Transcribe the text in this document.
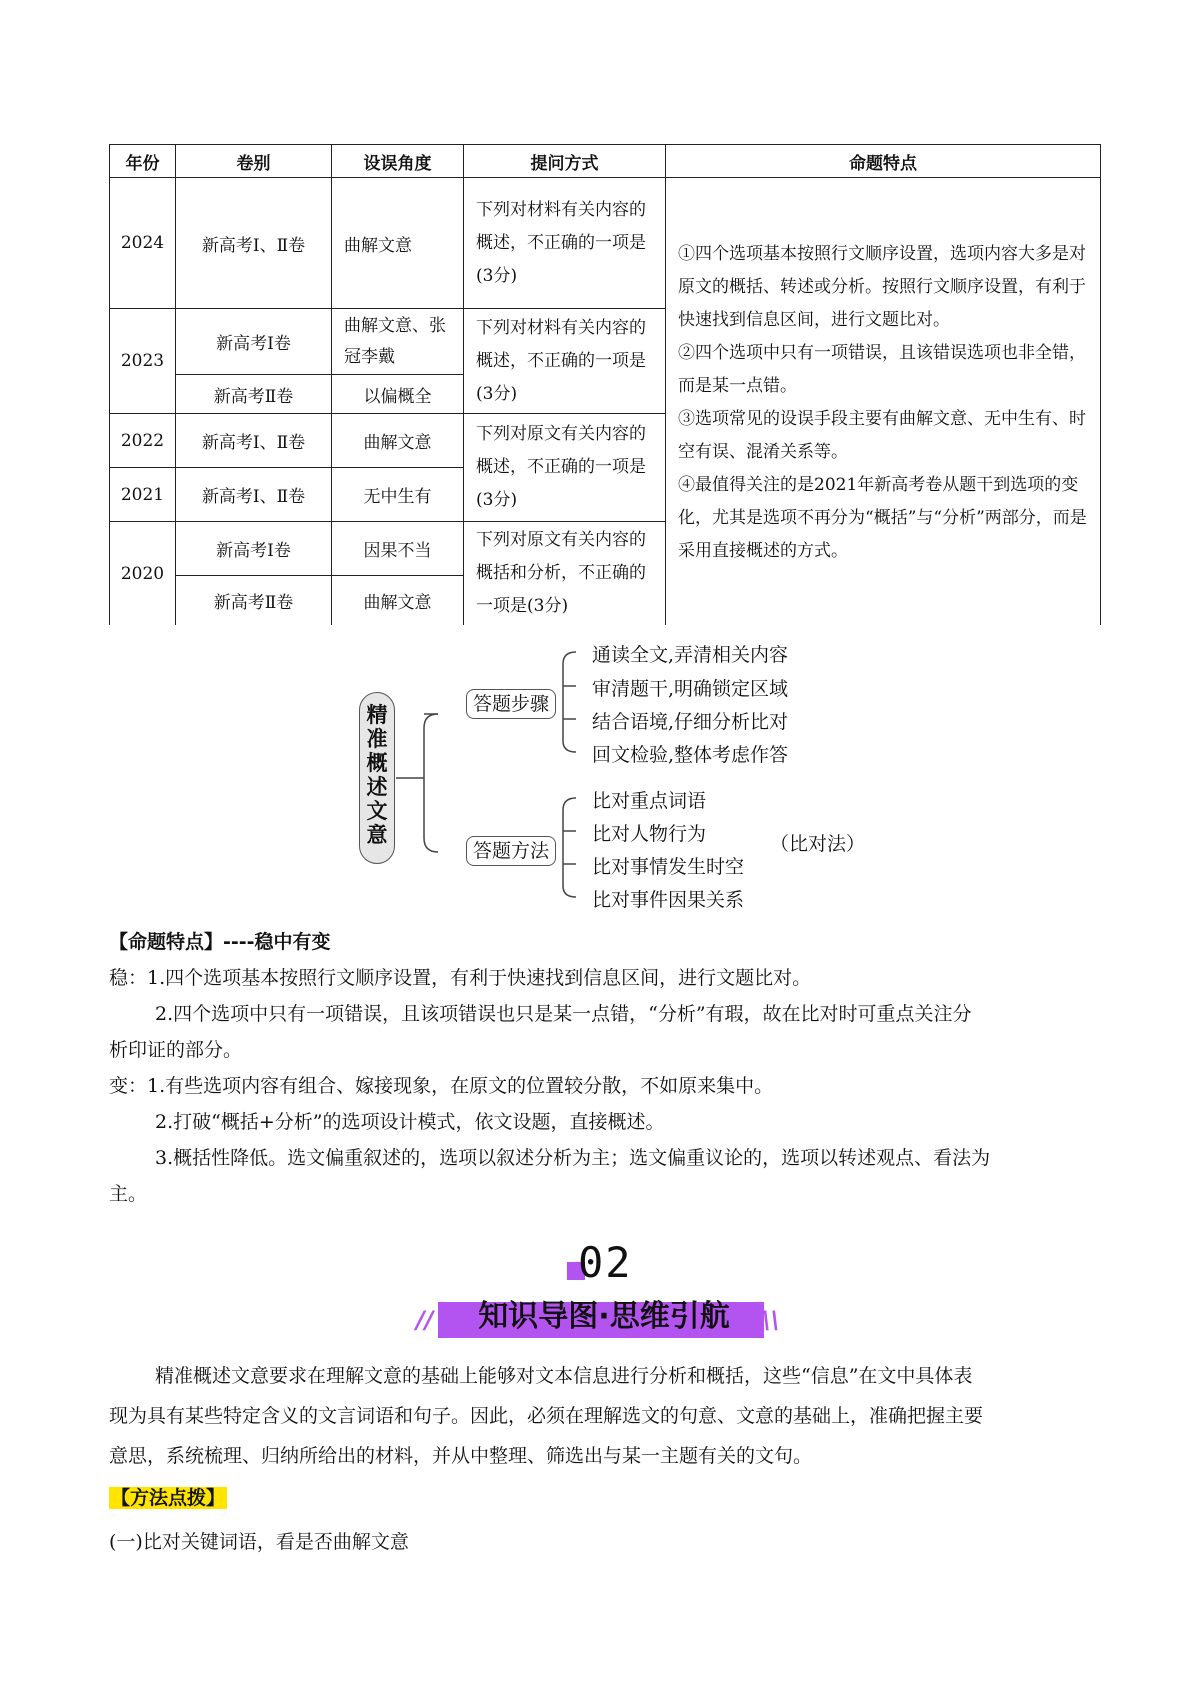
年份	卷别	设误角度	提问方式	命题特点
2024	新高考Ⅰ、Ⅱ卷	曲解文意	下列对材料有关内容的概述，不正确的一项是(3分)	①四个选项基本按照行文顺序设置，选项内容大多是对原文的概括、转述或分析。按照行文顺序设置，有利于快速找到信息区间，进行文题比对。
②四个选项中只有一项错误，且该错误选项也非全错，而是某一点错。
③选项常见的设误手段主要有曲解文意、无中生有、时空有误、混淆关系等。
④最值得关注的是2021年新高考卷从题干到选项的变化，尤其是选项不再分为“概括”与“分析”两部分，而是采用直接概述的方式。

2023	新高考Ⅰ卷	曲解文意、张冠李戴	下列对材料有关内容的概述，不正确的一项是(3分)	
	新高考Ⅱ卷	以偏概全		
2022	新高考Ⅰ、Ⅱ卷	曲解文意	下列对原文有关内容的概述，不正确的一项是(3分)	
2021	新高考Ⅰ、Ⅱ卷	无中生有		
2020	新高考Ⅰ卷	因果不当	下列对原文有关内容的概括和分析，不正确的一项是(3分)	
	新高考Ⅱ卷	曲解文意		
精
准
概
述
文
意
答题步骤
答题方法
通读全文,弄清相关内容
审清题干,明确锁定区域
结合语境,仔细分析比对
回文检验,整体考虑作答
比对重点词语
比对人物行为
比对事情发生时空
比对事件因果关系
（比对法）
【命题特点】----稳中有变
稳：1.四个选项基本按照行文顺序设置，有利于快速找到信息区间，进行文题比对。
2.四个选项中只有一项错误，且该项错误也只是某一点错，“分析”有瑕，故在比对时可重点关注分
析印证的部分。
变：1.有些选项内容有组合、嫁接现象，在原文的位置较分散，不如原来集中。
2.打破“概括+分析”的选项设计模式，依文设题，直接概述。
3.概括性降低。选文偏重叙述的，选项以叙述分析为主；选文偏重议论的，选项以转述观点、看法为
主。
02
//	\\
知识导图·思维引航
精准概述文意要求在理解文意的基础上能够对文本信息进行分析和概括，这些“信息”在文中具体表
现为具有某些特定含义的文言词语和句子。因此，必须在理解选文的句意、文意的基础上，准确把握主要
意思，系统梳理、归纳所给出的材料，并从中整理、筛选出与某一主题有关的文句。
【方法点拨】
(一)比对关键词语，看是否曲解文意
